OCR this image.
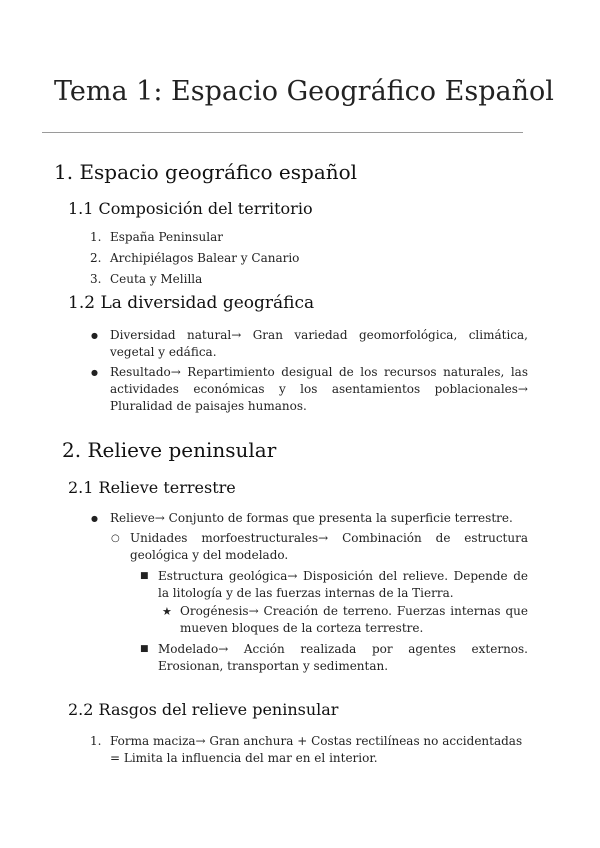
Tema 1: Espacio Geográfico Español
1. Espacio geográfico español
1.1 Composición del territorio
1. España Peninsular
2. Archipiélagos Balear y Canario
3. Ceuta y Melilla
1.2 La diversidad geográfica
● Diversidad natural→ Gran variedad geomorfológica, climática, vegetal y edáfica.
● Resultado→ Repartimiento desigual de los recursos naturales, las actividades económicas y los asentamientos poblacionales→ Pluralidad de paisajes humanos.
2. Relieve peninsular
2.1 Relieve terrestre
● Relieve→ Conjunto de formas que presenta la superficie terrestre.
○ Unidades morfoestructurales→ Combinación de estructura geológica y del modelado.
■ Estructura geológica→ Disposición del relieve. Depende de la litología y de las fuerzas internas de la Tierra.
★ Orogénesis→ Creación de terreno. Fuerzas internas que mueven bloques de la corteza terrestre.
■ Modelado→ Acción realizada por agentes externos. Erosionan, transportan y sedimentan.
2.2 Rasgos del relieve peninsular
1. Forma maciza→ Gran anchura + Costas rectilíneas no accidentadas = Limita la influencia del mar en el interior.
